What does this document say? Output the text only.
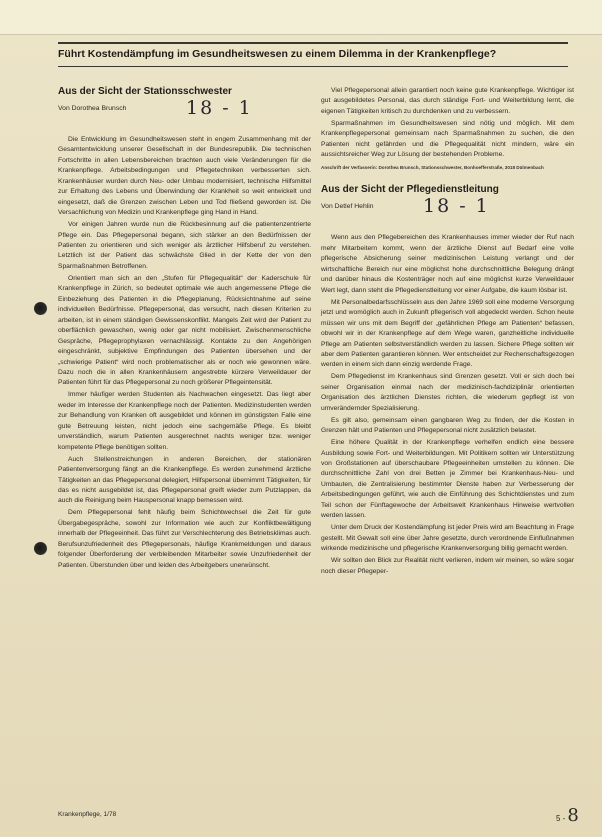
Führt Kostendämpfung im Gesundheitswesen zu einem Dilemma in der Krankenpflege?
Aus der Sicht der Stationsschwester
Von Dorothea Brunsch	18 - 1

Die Entwicklung im Gesundheitswesen steht in engem Zusammenhang mit der Gesamtentwicklung unserer Gesellschaft in der Bundesrepublik. Die technischen Fortschritte in allen Lebensbereichen brachten auch viele Veränderungen für die Krankenpflege. Arbeitsbedingungen und Pflegetechniken verbesserten sich. Krankenhäuser wurden durch Neu- oder Umbau modernisiert, technische Hilfsmittel zur Erhaltung des Lebens und Überwindung der Krankheit so weit entwickelt und eingesetzt, daß die Grenzen zwischen Leben und Tod fließend geworden ist. Die Versachlichung von Medizin und Krankenpflege ging Hand in Hand.

Vor einigen Jahren wurde nun die Rückbesinnung auf die patientenzentrierte Pflege ein. Das Pflegepersonal begann, sich stärker an den Bedürfnissen der Patienten zu orientieren und sich weniger als ärztlicher Hilfsberuf zu verstehen. Letztlich ist der Patient das schwächste Glied in der Kette der von den Sparmaßnahmen Betroffenen.

Orientiert man sich an den „Stufen für Pflegequalität“ der Kaderschule für Krankenpflege in Zürich, so bedeutet optimale wie auch angemessene Pflege die Einbeziehung des Patienten in die Pflegeplanung, Rücksichtnahme auf seine individuellen Bedürfnisse. Pflegepersonal, das versucht, nach diesen Kriterien zu arbeiten, ist in einem ständigen Gewissenskonflikt. Mangels Zeit wird der Patient zu oberflächlich gewaschen, wenig oder gar nicht mobilisiert. Zwischenmenschliche Gespräche, Pflegeprophylaxen vernachlässigt. Kontakte zu den Angehörigen eingeschränkt, subjektive Empfindungen des Patienten übersehen und der „schwierige Patient“ wird noch problematischer als er noch wie gewonnen wäre. Dazu noch die in allen Krankenhäusern angestrebte kürzere Verweildauer der Patienten führt für das Pflegepersonal zu noch größerer Pflegeintensität.

Immer häufiger werden Studenten als Nachwachen eingesetzt. Das liegt aber weder im Interesse der Krankenpflege noch der Patienten. Medizinstudenten werden zur Behandlung von Kranken oft ausgebildet und können im günstigsten Falle eine gute Betreuung leisten, nicht jedoch eine sachgemäße Pflege. Es bleibt unverständlich, warum Patienten ausgerechnet nachts weniger bzw. weniger kompetente Pflege benötigen sollten.

Auch Stellenstreichungen in anderen Bereichen, der stationären Patientenversorgung fängt an die Krankenpflege. Es werden zunehmend ärztliche Tätigkeiten an das Pflegepersonal delegiert, Hilfspersonal übernimmt Tätigkeiten, für das es nicht ausgebildet ist, das Pflegepersonal greift wieder zum Putzlappen, da auch die Reinigung beim Hauspersonal knapp bemessen wird.

Dem Pflegepersonal fehlt häufig beim Schichtwechsel die Zeit für gute Übergabegespräche, sowohl zur Information wie auch zur Konfliktbewältigung innerhalb der Pflegeeinheit. Das führt zur Verschlechterung des Betriebsklimas auch. Berufsunzufriedenheit des Pflegepersonals, häufige Krankmeldungen und daraus folgender Überforderung der verbleibenden Mitarbeiter sowie Unzufriedenheit der Patienten. Überstunden über und leiden des Arbeitgebers unerwünscht.

Viel Pflegepersonal allein garantiert noch keine gute Krankenpflege. Wichtiger ist gut ausgebildetes Personal, das durch ständige Fort- und Weiterbildung lernt, die eigenen Tätigkeiten kritisch zu durchdenken und zu verbessern.

Sparmaßnahmen im Gesundheitswesen sind nötig und möglich. Mit dem Krankenpflegepersonal gemeinsam nach Sparmaßnahmen zu suchen, die den Patienten nicht gefährden und die Pflegequalität nicht mindern, wäre ein aussichtsreicher Weg zur Lösung der bestehenden Probleme.

Anschrift der Verfasserin: Dorothea Brunsch, Stationsschwester, Bonhoefferstraße, 3018 Dülmenbach

Aus der Sicht der Pflegedienstleitung
Von Detlef Hehlin	18 - 1

Wenn aus den Pflegebereichen des Krankenhauses immer wieder der Ruf nach mehr Mitarbeitern kommt, wenn der ärztliche Dienst auf Bedarf eine volle pflegerische Absicherung seiner medizinischen Leistung verlangt und der wirtschaftliche Bereich nur eine möglichst hohe durchschnittliche Belegung drängt und darüber hinaus die Kostenträger noch auf eine möglichst kurze Verweildauer Wert legt, dann steht die Pflegedienstleitung vor einer Aufgabe, die kaum lösbar ist.

Mit Personalbedarfsschlüsseln aus den Jahre 1969 soll eine moderne Versorgung jetzt und womöglich auch in Zukunft pflegerisch voll abgedeckt werden. Schon heute müssen wir uns mit dem Begriff der „gefährlichen Pflege am Patienten“ befassen, obwohl wir in der Krankenpflege auf dem Wege waren, ganzheitliche individuelle Pflege am Patienten selbstverständlich werden zu lassen. Sichere Pflege sollten wir aber dem Patienten garantieren können. Wer entscheidet zur Rechenschaftsgezogen werden in einem sich dann einzig werdende Frage.

Dem Pflegedienst im Krankenhaus sind Grenzen gesetzt. Voll er sich doch bei seiner Organisation einmal nach der medizinisch-fachdiziplinär orientierten Organisation des ärztlichen Dienstes richten, die wiederum gepflegt ist von umverändernder Spezialisierung.

Es gilt also, gemeinsam einen gangbaren Weg zu finden, der die Kosten in Grenzen hält und Patienten und Pflegepersonal nicht zusätzlich belastet.

Eine höhere Qualität in der Krankenpflege verhelfen endlich eine bessere Ausbildung sowie Fort- und Weiterbildungen. Mit Politikern sollten wir Unterstützung von Großstationen auf überschaubare Pflegeeinheiten umstellen zu können. Die durchschnittliche Zahl von drei Betten je Zimmer bei Krankenhaus-Neu- und Umbauten, die Zentralisierung bestimmter Dienste haben zur Verbesserung der Arbeitsbedingungen geführt, wie auch die Einführung des Schichtdienstes und zum Teil schon der Fünftagewoche der Arbeitswelt Krankenhaus Hinweise wertvollen werden lassen.

Unter dem Druck der Kostendämpfung ist jeder Preis wird am Beachtung in Frage gestellt. Mit Gewalt soll eine über Jahre gesetzte, durch verordnende Einflußnahmen wirkende medizinische und pflegerische Krankenversorgung billig gemacht werden.

Wir sollten den Blick zur Realität nicht verlieren, indem wir meinen, so wäre sogar noch dieser Pflegeper-

Krankenpflege, 1/78	5 - 8
